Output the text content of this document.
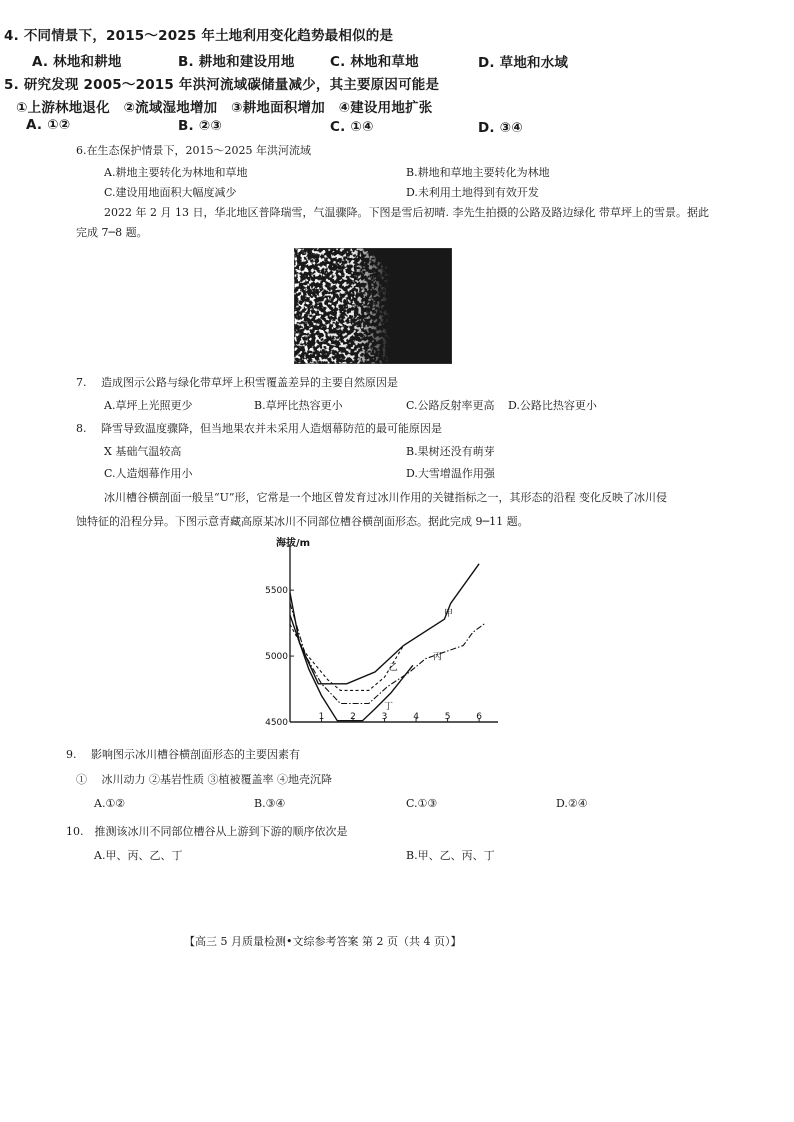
4. 不同情景下，2015～2025 年土地利用变化趋势最相似的是
A. 林地和耕地	B. 耕地和建设用地	C. 林地和草地	D. 草地和水域
5. 研究发现 2005～2015 年洪河流域碳储量减少，其主要原因可能是
①上游林地退化　②流域湿地增加　③耕地面积增加　④建设用地扩张
A. ①②	B. ②③	C. ①④	D. ③④
6.在生态保护情景下，2015～2025 年洪河流域
A.耕地主要转化为林地和草地	B.耕地和草地主要转化为林地
C.建设用地面积大幅度减少	D.未利用土地得到有效开发
2022 年 2 月 13 日，华北地区普降瑞雪，气温骤降。下图是雪后初晴. 李先生拍摄的公路及路边绿化 带草坪上的雪景。据此
完成 7─8 题。
7.　 造成图示公路与绿化带草坪上积雪覆盖差异的主要自然原因是
A.草坪上光照更少	B.草坪比热容更小	C.公路反射率更高 D.公路比热容更小
8.　 降雪导致温度骤降，但当地果农并未采用人造烟幕防范的最可能原因是
X 基础气温较高	B.果树还没有萌芽
C.人造烟幕作用小	D.大雪增温作用强
冰川槽谷横剖面一般呈“U”形，它常是一个地区曾发育过冰川作用的关键指标之一，其形态的沿程 变化反映了冰川侵
蚀特征的沿程分异。下图示意青藏高原某冰川不同部位槽谷横剖面形态。据此完成 9─11 题。
海拔/m
1	2	3	4	5	6
4500
5000
5500
甲
乙
丙
丁
9.　 影响图示冰川槽谷横剖面形态的主要因素有
①　 冰川动力 ②基岩性质 ③植被覆盖率 ④地壳沉降
A.①②	B.③④	C.①③	D.②④
10.　推测该冰川不同部位槽谷从上游到下游的顺序依次是
A.甲、丙、乙、丁	B.甲、乙、丙、丁
【高三 5 月质量检测•文综参考答案 第 2 页（共 4 页）】
